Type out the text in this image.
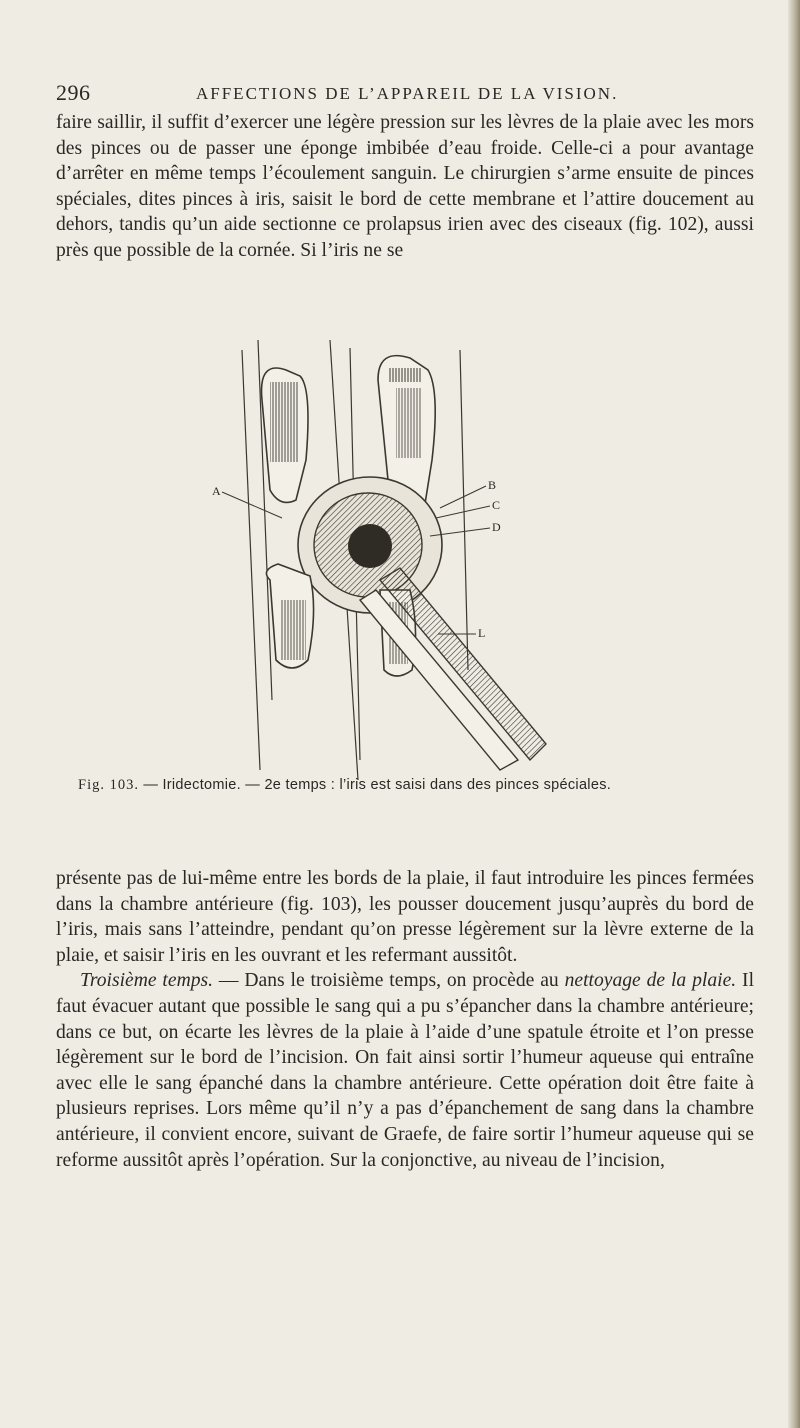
296	AFFECTIONS DE L’APPAREIL DE LA VISION.

faire saillir, il suffit d’exercer une légère pression sur les lèvres de la plaie avec les mors des pinces ou de passer une éponge imbibée d’eau froide. Celle-ci a pour avantage d’arrêter en même temps l’écoulement sanguin. Le chirurgien s’arme ensuite de pinces spéciales, dites pinces à iris, saisit le bord de cette membrane et l’attire doucement au dehors, tandis qu’un aide sectionne ce prolapsus irien avec des ciseaux (fig. 102), aussi près que possible de la cornée. Si l’iris ne se

A	B
C
D
L
Fig. 103. — Iridectomie. — 2e temps : l’iris est saisi dans des pinces spéciales.

présente pas de lui-même entre les bords de la plaie, il faut introduire les pinces fermées dans la chambre antérieure (fig. 103), les pousser doucement jusqu’auprès du bord de l’iris, mais sans l’atteindre, pendant qu’on presse légèrement sur la lèvre externe de la plaie, et saisir l’iris en les ouvrant et les refermant aussitôt.

Troisième temps. — Dans le troisième temps, on procède au nettoyage de la plaie. Il faut évacuer autant que possible le sang qui a pu s’épancher dans la chambre antérieure; dans ce but, on écarte les lèvres de la plaie à l’aide d’une spatule étroite et l’on presse légèrement sur le bord de l’incision. On fait ainsi sortir l’humeur aqueuse qui entraîne avec elle le sang épanché dans la chambre antérieure. Cette opération doit être faite à plusieurs reprises. Lors même qu’il n’y a pas d’épanchement de sang dans la chambre antérieure, il convient encore, suivant de Graefe, de faire sortir l’humeur aqueuse qui se reforme aussitôt après l’opération. Sur la conjonctive, au niveau de l’incision,
